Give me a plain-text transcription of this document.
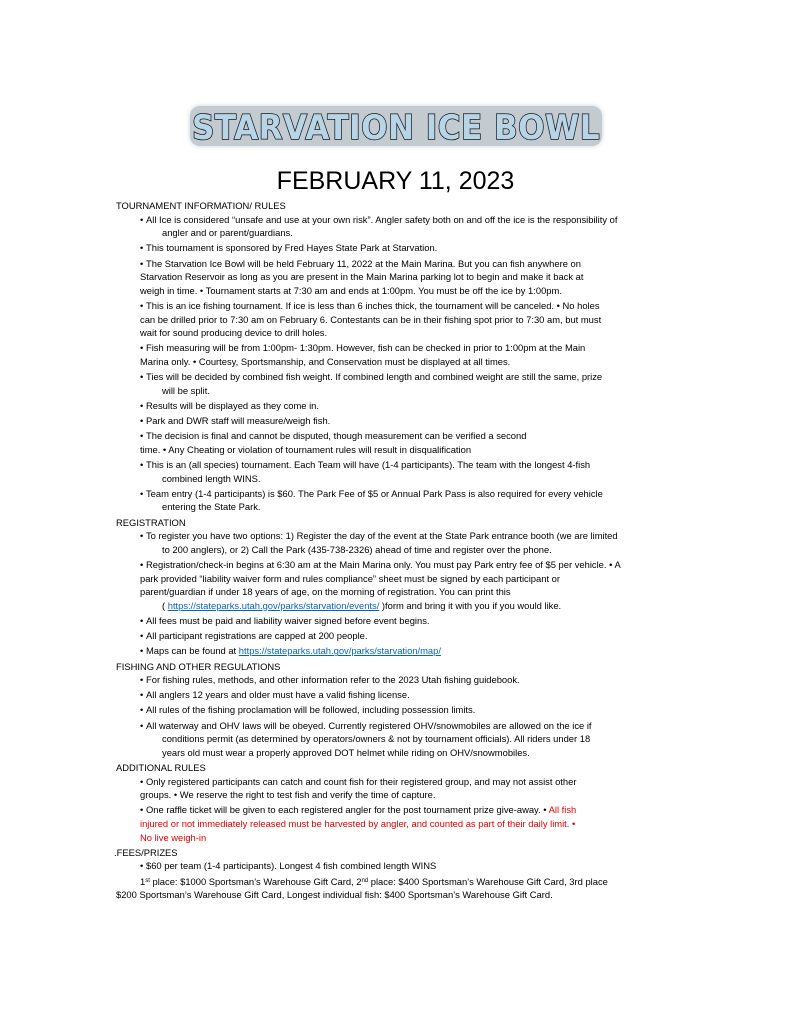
STARVATION ICE BOWL
FEBRUARY 11, 2023

TOURNAMENT INFORMATION/ RULES

• All Ice is considered “unsafe and use at your own risk”. Angler safety both on and off the ice is the responsibility of
angler and or parent/guardians.
• This tournament is sponsored by Fred Hayes State Park at Starvation.
• The Starvation Ice Bowl will be held February 11, 2022 at the Main Marina. But you can fish anywhere on
Starvation Reservoir as long as you are present in the Main Marina parking lot to begin and make it back at
weigh in time. • Tournament starts at 7:30 am and ends at 1:00pm. You must be off the ice by 1:00pm.
• This is an ice fishing tournament. If ice is less than 6 inches thick, the tournament will be canceled. • No holes
can be drilled prior to 7:30 am on February 6. Contestants can be in their fishing spot prior to 7:30 am, but must
wait for sound producing device to drill holes.
• Fish measuring will be from 1:00pm- 1:30pm. However, fish can be checked in prior to 1:00pm at the Main
Marina only. • Courtesy, Sportsmanship, and Conservation must be displayed at all times.
• Ties will be decided by combined fish weight. If combined length and combined weight are still the same, prize
will be split.
• Results will be displayed as they come in.
• Park and DWR staff will measure/weigh fish.
• The decision is final and cannot be disputed, though measurement can be verified a second
time. • Any Cheating or violation of tournament rules will result in disqualification
• This is an (all species) tournament. Each Team will have (1-4 participants). The team with the longest 4-fish
combined length WINS.
• Team entry (1-4 participants) is $60. The Park Fee of $5 or Annual Park Pass is also required for every vehicle
entering the State Park.

REGISTRATION

• To register you have two options: 1) Register the day of the event at the State Park entrance booth (we are limited
to 200 anglers), or 2) Call the Park (435-738-2326) ahead of time and register over the phone.
• Registration/check-in begins at 6:30 am at the Main Marina only. You must pay Park entry fee of $5 per vehicle. • A
park provided “liability waiver form and rules compliance” sheet must be signed by each participant or
parent/guardian if under 18 years of age, on the morning of registration. You can print this
( https://stateparks.utah.gov/parks/starvation/events/ )form and bring it with you if you would like.
• All fees must be paid and liability waiver signed before event begins.
• All participant registrations are capped at 200 people.
• Maps can be found at https://stateparks.utah.gov/parks/starvation/map/

FISHING AND OTHER REGULATIONS

• For fishing rules, methods, and other information refer to the 2023 Utah fishing guidebook.
• All anglers 12 years and older must have a valid fishing license.
• All rules of the fishing proclamation will be followed, including possession limits.
• All waterway and OHV laws will be obeyed. Currently registered OHV/snowmobiles are allowed on the ice if
conditions permit (as determined by operators/owners & not by tournament officials). All riders under 18
years old must wear a properly approved DOT helmet while riding on OHV/snowmobiles.

ADDITIONAL RULES

• Only registered participants can catch and count fish for their registered group, and may not assist other
groups. • We reserve the right to test fish and verify the time of capture.
• One raffle ticket will be given to each registered angler for the post tournament prize give-away. • All fish
injured or not immediately released must be harvested by angler, and counted as part of their daily limit. •
No live weigh-in

.FEES/PRIZES

• $60 per team (1-4 participants). Longest 4 fish combined length WINS
1st place: $1000 Sportsman’s Warehouse Gift Card, 2nd place: $400 Sportsman’s Warehouse Gift Card, 3rd place
$200 Sportsman’s Warehouse Gift Card, Longest individual fish: $400 Sportsman’s Warehouse Gift Card.
